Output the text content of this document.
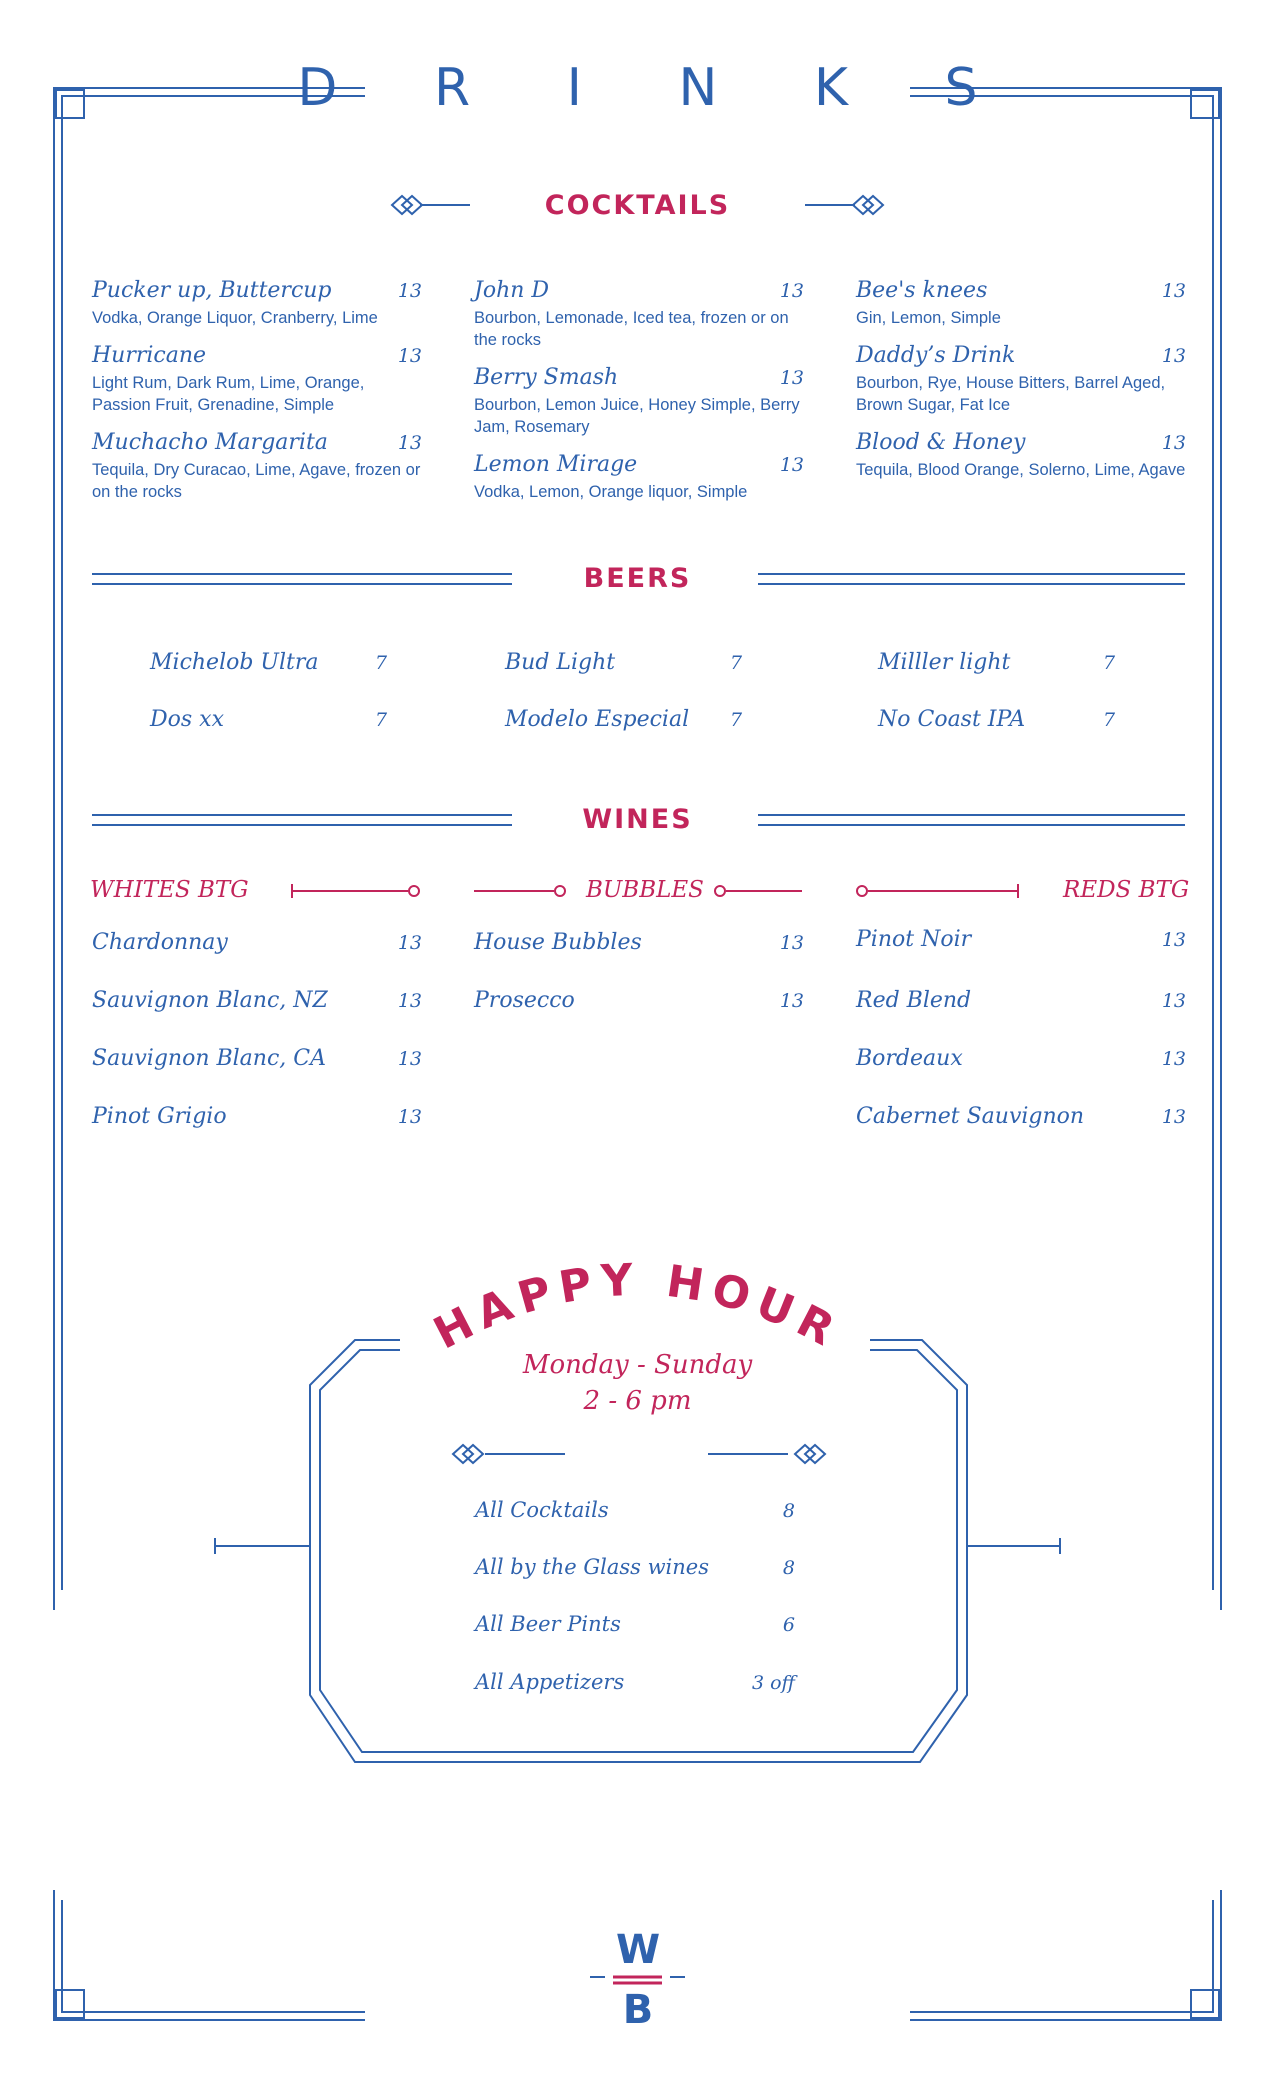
HAPPY HOUR
D R I N K S
COCKTAILS
Pucker up, Buttercup	13
Vodka, Orange Liquor, Cranberry, Lime
Hurricane	13
Light Rum, Dark Rum, Lime, Orange, Passion Fruit, Grenadine, Simple
Muchacho Margarita	13
Tequila, Dry Curacao, Lime, Agave, frozen or on the rocks
John D	13
Bourbon, Lemonade, Iced tea, frozen or on the rocks
Berry Smash	13
Bourbon, Lemon Juice, Honey Simple, Berry Jam, Rosemary
Lemon Mirage	13
Vodka, Lemon, Orange liquor, Simple
Bee's knees	13
Gin, Lemon, Simple
Daddy’s Drink	13
Bourbon, Rye, House Bitters, Barrel Aged, Brown Sugar, Fat Ice
Blood & Honey	13
Tequila, Blood Orange, Solerno, Lime, Agave
BEERS
Michelob Ultra	7	Bud Light	7	Milller light	7
Dos xx	7	Modelo Especial 7	No Coast IPA	7
WINES
WHITES BTG	BUBBLES	REDS BTG
Chardonnay	13
Sauvignon Blanc, NZ	13
Sauvignon Blanc, CA	13
Pinot Grigio	13
House Bubbles	13
Prosecco	13
Pinot Noir	13
Red Blend	13
Bordeaux	13
Cabernet Sauvignon	13
Monday - Sunday
2 - 6 pm
All Cocktails	8
All by the Glass wines	8
All Beer Pints	6
All Appetizers	3 off
W
B
